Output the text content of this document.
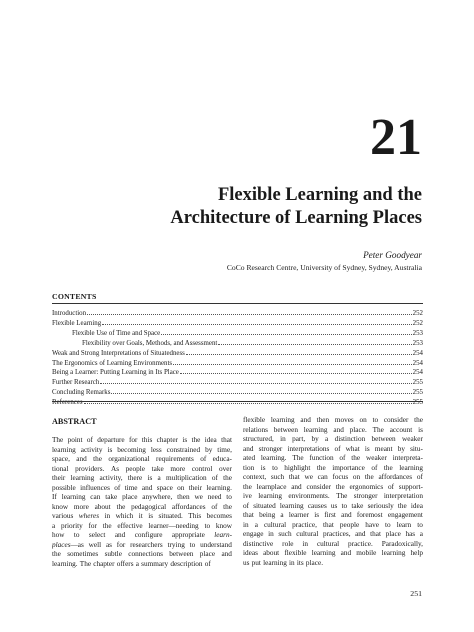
21
Flexible Learning and the
Architecture of Learning Places
Peter Goodyear
CoCo Research Centre, University of Sydney, Sydney, Australia
CONTENTS
Introduction	252
Flexible Learning	252
Flexible Use of Time and Space	253
Flexibility over Goals, Methods, and Assessment	253
Weak and Strong Interpretations of Situatedness	254
The Ergonomics of Learning Environments	254
Being a Learner: Putting Learning in Its Place	254
Further Research	255
Concluding Remarks	255
References	255
ABSTRACT
The point of departure for this chapter is the idea that
learning activity is becoming less constrained by time,
space, and the organizational requirements of educa-
tional providers. As people take more control over
their learning activity, there is a multiplication of the
possible influences of time and space on their learning.
If learning can take place anywhere, then we need to
know more about the pedagogical affordances of the
various wheres in which it is situated. This becomes
a priority for the effective learner—needing to know
how to select and configure appropriate learn-
places—as well as for researchers trying to understand
the sometimes subtle connections between place and
learning. The chapter offers a summary description of
flexible learning and then moves on to consider the
relations between learning and place. The account is
structured, in part, by a distinction between weaker
and stronger interpretations of what is meant by situ-
ated learning. The function of the weaker interpreta-
tion is to highlight the importance of the learning
context, such that we can focus on the affordances of
the learnplace and consider the ergonomics of support-
ive learning environments. The stronger interpretation
of situated learning causes us to take seriously the idea
that being a learner is first and foremost engagement
in a cultural practice, that people have to learn to
engage in such cultural practices, and that place has a
distinctive role in cultural practice. Paradoxically,
ideas about flexible learning and mobile learning help
us put learning in its place.
251
